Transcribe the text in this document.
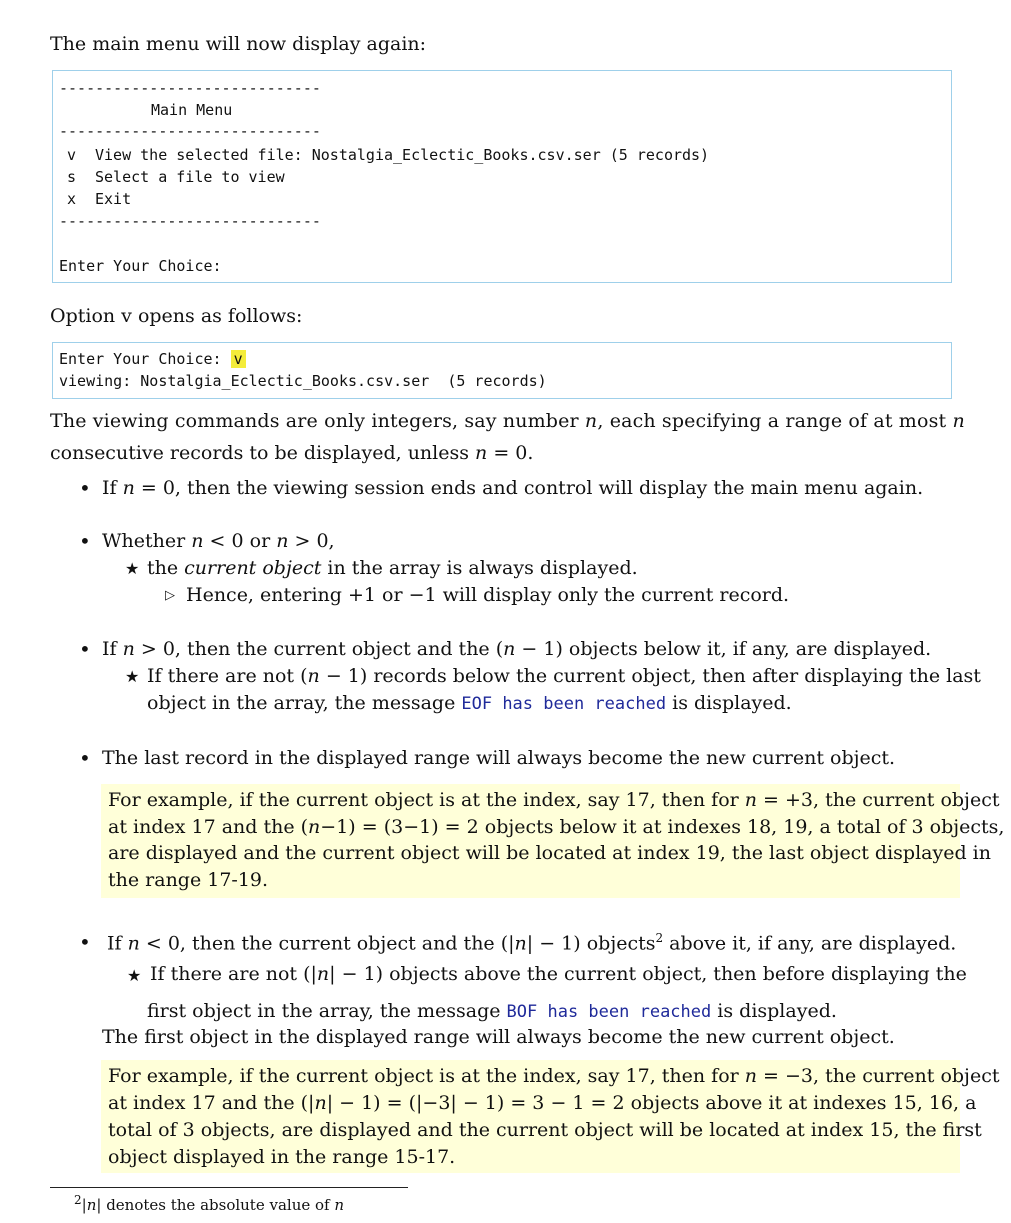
The main menu will now display again:
-----------------------------
Main Menu
-----------------------------
v View the selected file: Nostalgia_Eclectic_Books.csv.ser (5 records)
s Select a file to view
x Exit
-----------------------------
Enter Your Choice:
Option v opens as follows:
Enter Your Choice: v
viewing: Nostalgia_Eclectic_Books.csv.ser  (5 records)
The viewing commands are only integers, say number n, each specifying a range of at most n
consecutive records to be displayed, unless n = 0.
• If n = 0, then the viewing session ends and control will display the main menu again.
• Whether n < 0 or n > 0,
★ the current object in the array is always displayed.
▷ Hence, entering +1 or −1 will display only the current record.
• If n > 0, then the current object and the (n − 1) objects below it, if any, are displayed.
★ If there are not (n − 1) records below the current object, then after displaying the last
object in the array, the message EOF has been reached is displayed.
• The last record in the displayed range will always become the new current object.
For example, if the current object is at the index, say 17, then for n = +3, the current object
at index 17 and the (n−1) = (3−1) = 2 objects below it at indexes 18, 19, a total of 3 objects,
are displayed and the current object will be located at index 19, the last object displayed in
the range 17-19.
• If n < 0, then the current object and the (|n| − 1) objects$^2$ above it, if any, are displayed.
★ If there are not (|n| − 1) objects above the current object, then before displaying the
first object in the array, the message BOF has been reached is displayed.
The first object in the displayed range will always become the new current object.
For example, if the current object is at the index, say 17, then for n = −3, the current object
at index 17 and the (|n| − 1) = (|−3| − 1) = 3 − 1 = 2 objects above it at indexes 15, 16, a
total of 3 objects, are displayed and the current object will be located at index 15, the first
object displayed in the range 15-17.
$^2$|n| denotes the absolute value of n
